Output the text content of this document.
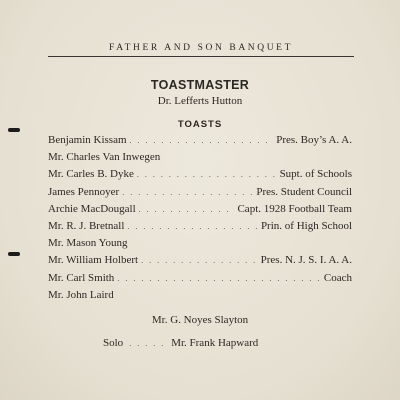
FATHER AND SON BANQUET
TOASTMASTER
Dr. Lefferts Hutton
TOASTS
Benjamin Kissam . . .	Pres. Boy’s A. A.
Mr. Charles Van Inwegen
Mr. Carles B. Dyke . . .	Supt. of Schools
James Pennoyer . . .	Pres. Student Council
Archie MacDougall . . .	Capt. 1928 Football Team
Mr. R. J. Bretnall . . .	Prin. of High School
Mr. Mason Young
Mr. William Holbert . . .	Pres. N. J. S. I. A. A.
Mr. Carl Smith . . .	Coach
Mr. John Laird
Mr. G. Noyes Slayton
Solo . . .	Mr. Frank Hapward
